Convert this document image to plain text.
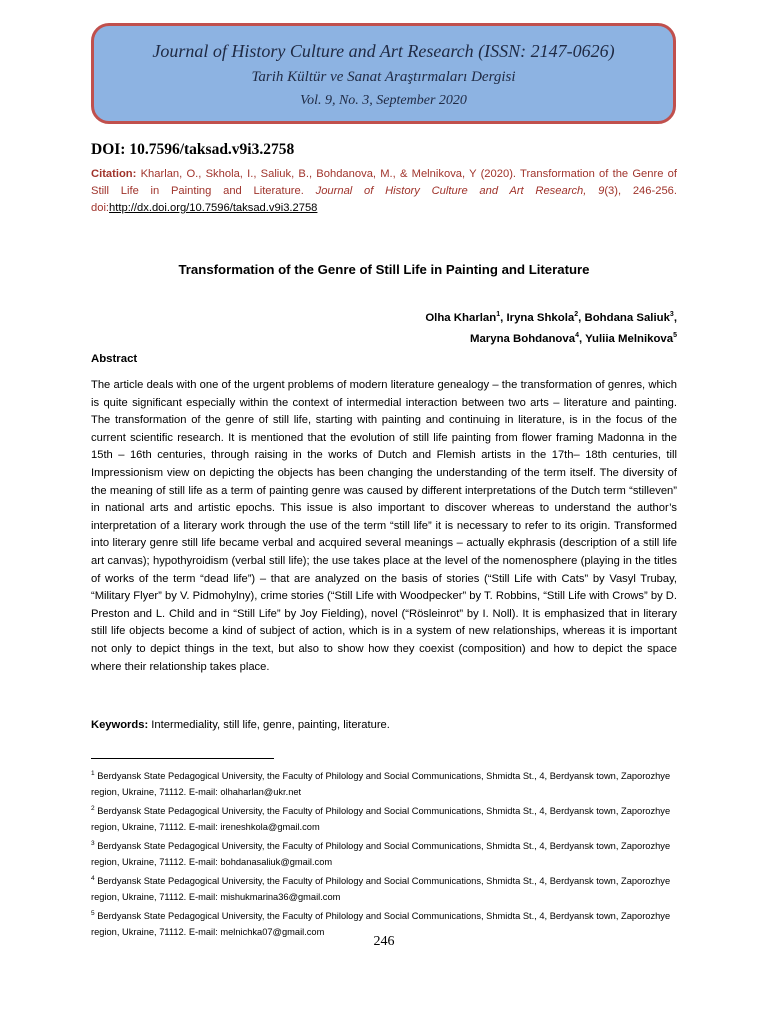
Journal of History Culture and Art Research (ISSN: 2147-0626)
Tarih Kültür ve Sanat Araştırmaları Dergisi
Vol. 9, No. 3, September 2020
DOI: 10.7596/taksad.v9i3.2758
Citation: Kharlan, O., Skhola, I., Saliuk, B., Bohdanova, M., & Melnikova, Y (2020). Transformation of the Genre of Still Life in Painting and Literature. Journal of History Culture and Art Research, 9(3), 246-256. doi:http://dx.doi.org/10.7596/taksad.v9i3.2758
Transformation of the Genre of Still Life in Painting and Literature
Olha Kharlan$^1$, Iryna Shkola$^2$, Bohdana Saliuk$^3$,
Maryna Bohdanova$^4$, Yuliia Melnikova$^5$
Abstract
The article deals with one of the urgent problems of modern literature genealogy – the transformation of genres, which is quite significant especially within the context of intermedial interaction between two arts – literature and painting. The transformation of the genre of still life, starting with painting and continuing in literature, is in the focus of the current scientific research. It is mentioned that the evolution of still life painting from flower framing Madonna in the 15th – 16th centuries, through raising in the works of Dutch and Flemish artists in the 17th– 18th centuries, till Impressionism view on depicting the objects has been changing the understanding of the term itself. The diversity of the meaning of still life as a term of painting genre was caused by different interpretations of the Dutch term “stilleven” in national arts and artistic epochs. This issue is also important to discover whereas to understand the author’s interpretation of a literary work through the use of the term “still life” it is necessary to refer to its origin. Transformed into literary genre still life became verbal and acquired several meanings – actually ekphrasis (description of a still life art canvas); hypothyroidism (verbal still life); the use takes place at the level of the nomenosphere (playing in the titles of works of the term “dead life”) – that are analyzed on the basis of stories (“Still Life with Cats” by Vasyl Trubay, “Military Flyer” by V. Pidmohylny), crime stories (“Still Life with Woodpecker” by T. Robbins, “Still Life with Crows” by D. Preston and L. Child and in “Still Life” by Joy Fielding), novel (“Rösleinrot” by I. Noll). It is emphasized that in literary still life objects become a kind of subject of action, which is in a system of new relationships, whereas it is important not only to depict things in the text, but also to show how they coexist (composition) and how to depict the space where their relationship takes place.
Keywords: Intermediality, still life, genre, painting, literature.
$^1$ Berdyansk State Pedagogical University, the Faculty of Philology and Social Communications, Shmidta St., 4, Berdyansk town, Zaporozhye region, Ukraine, 71112. E-mail: olhaharlan@ukr.net
$^2$ Berdyansk State Pedagogical University, the Faculty of Philology and Social Communications, Shmidta St., 4, Berdyansk town, Zaporozhye region, Ukraine, 71112. E-mail: ireneshkola@gmail.com
$^3$ Berdyansk State Pedagogical University, the Faculty of Philology and Social Communications, Shmidta St., 4, Berdyansk town, Zaporozhye region, Ukraine, 71112. E-mail: bohdanasaliuk@gmail.com
$^4$ Berdyansk State Pedagogical University, the Faculty of Philology and Social Communications, Shmidta St., 4, Berdyansk town, Zaporozhye region, Ukraine, 71112. E-mail: mishukmarina36@gmail.com
$^5$ Berdyansk State Pedagogical University, the Faculty of Philology and Social Communications, Shmidta St., 4, Berdyansk town, Zaporozhye region, Ukraine, 71112. E-mail: melnichka07@gmail.com
246
